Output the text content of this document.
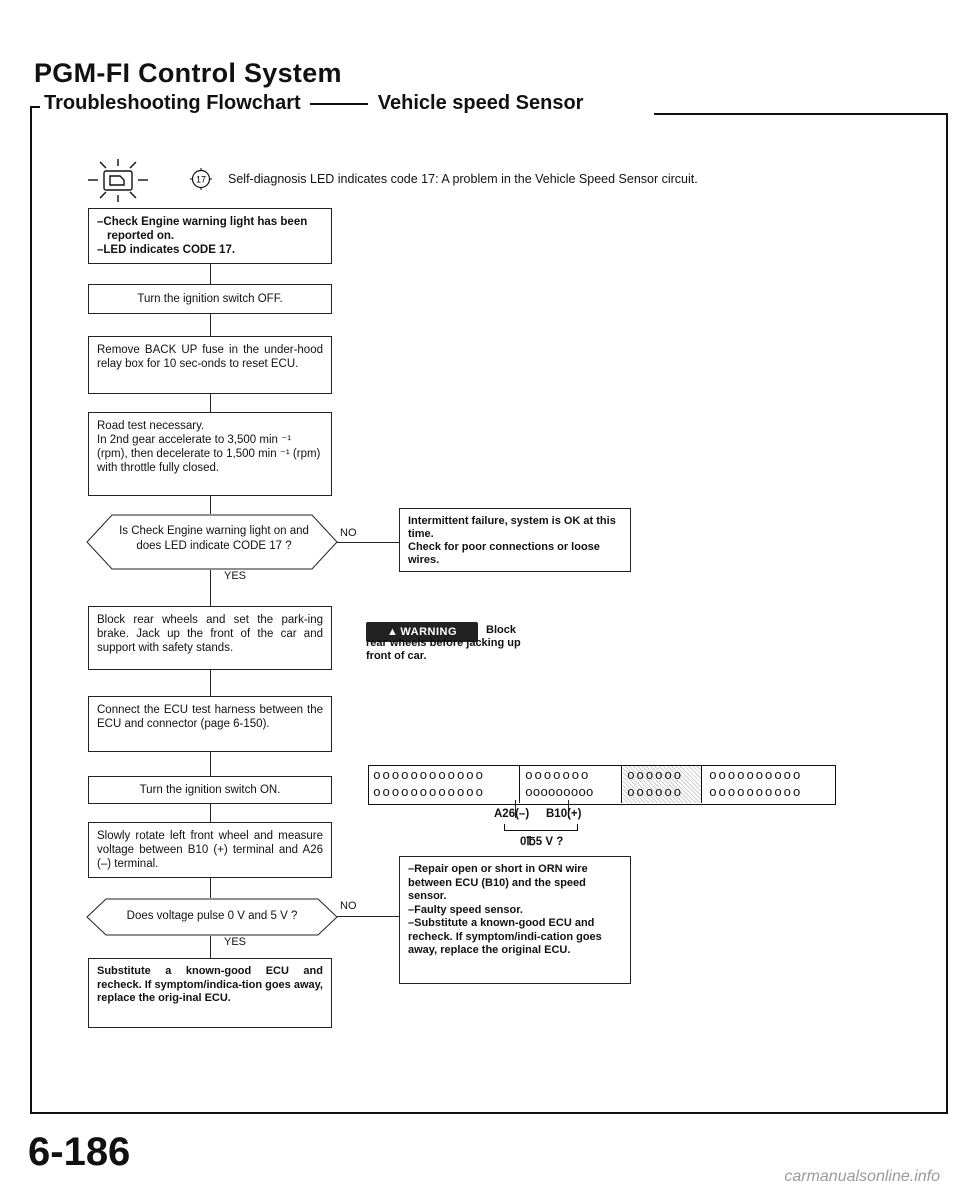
PGM-FI Control System
Troubleshooting Flowchart	Vehicle speed Sensor
17 Self-diagnosis LED indicates code 17: A problem in the Vehicle Speed Sensor circuit.
–Check Engine warning light has been reported on.
–LED indicates CODE 17.
Turn the ignition switch OFF.
Remove BACK UP fuse in the under-hood relay box for 10 sec-onds to reset ECU.
Road test necessary.
In 2nd gear accelerate to 3,500 min ⁻¹ (rpm), then decelerate to 1,500 min ⁻¹ (rpm) with throttle fully closed.
Is Check Engine warning light on and does LED indicate CODE 17 ?
NO
YES
Intermittent failure, system is OK at this time.
Check for poor connections or loose wires.
Block rear wheels and set the park-ing brake. Jack up the front of the car and support with safety stands.
▲ WARNING	Block rear wheels before jacking up front of car.
Connect the ECU test harness between the ECU and connector (page 6-150).
Turn the ignition switch ON.
Slowly rotate left front wheel and measure voltage between B10 (+) terminal and A26 (–) terminal.
Does voltage pulse 0 V and 5 V ?
NO
YES
–Repair open or short in ORN wire between ECU (B10) and the speed sensor.
–Faulty speed sensor.
–Substitute a known-good ECU and recheck. If symptom/indi-cation goes away, replace the original ECU.
Substitute a known-good ECU and recheck. If symptom/indica-tion goes away, replace the orig-inal ECU.
oooooooooooo
oooooooooooo
ooooooo
ooooooooo
oooooo
oooooo
oooooooooo
oooooooooo
A26(–) B10(+)
0℔5 V ?
6-186
carmanualsonline.info
